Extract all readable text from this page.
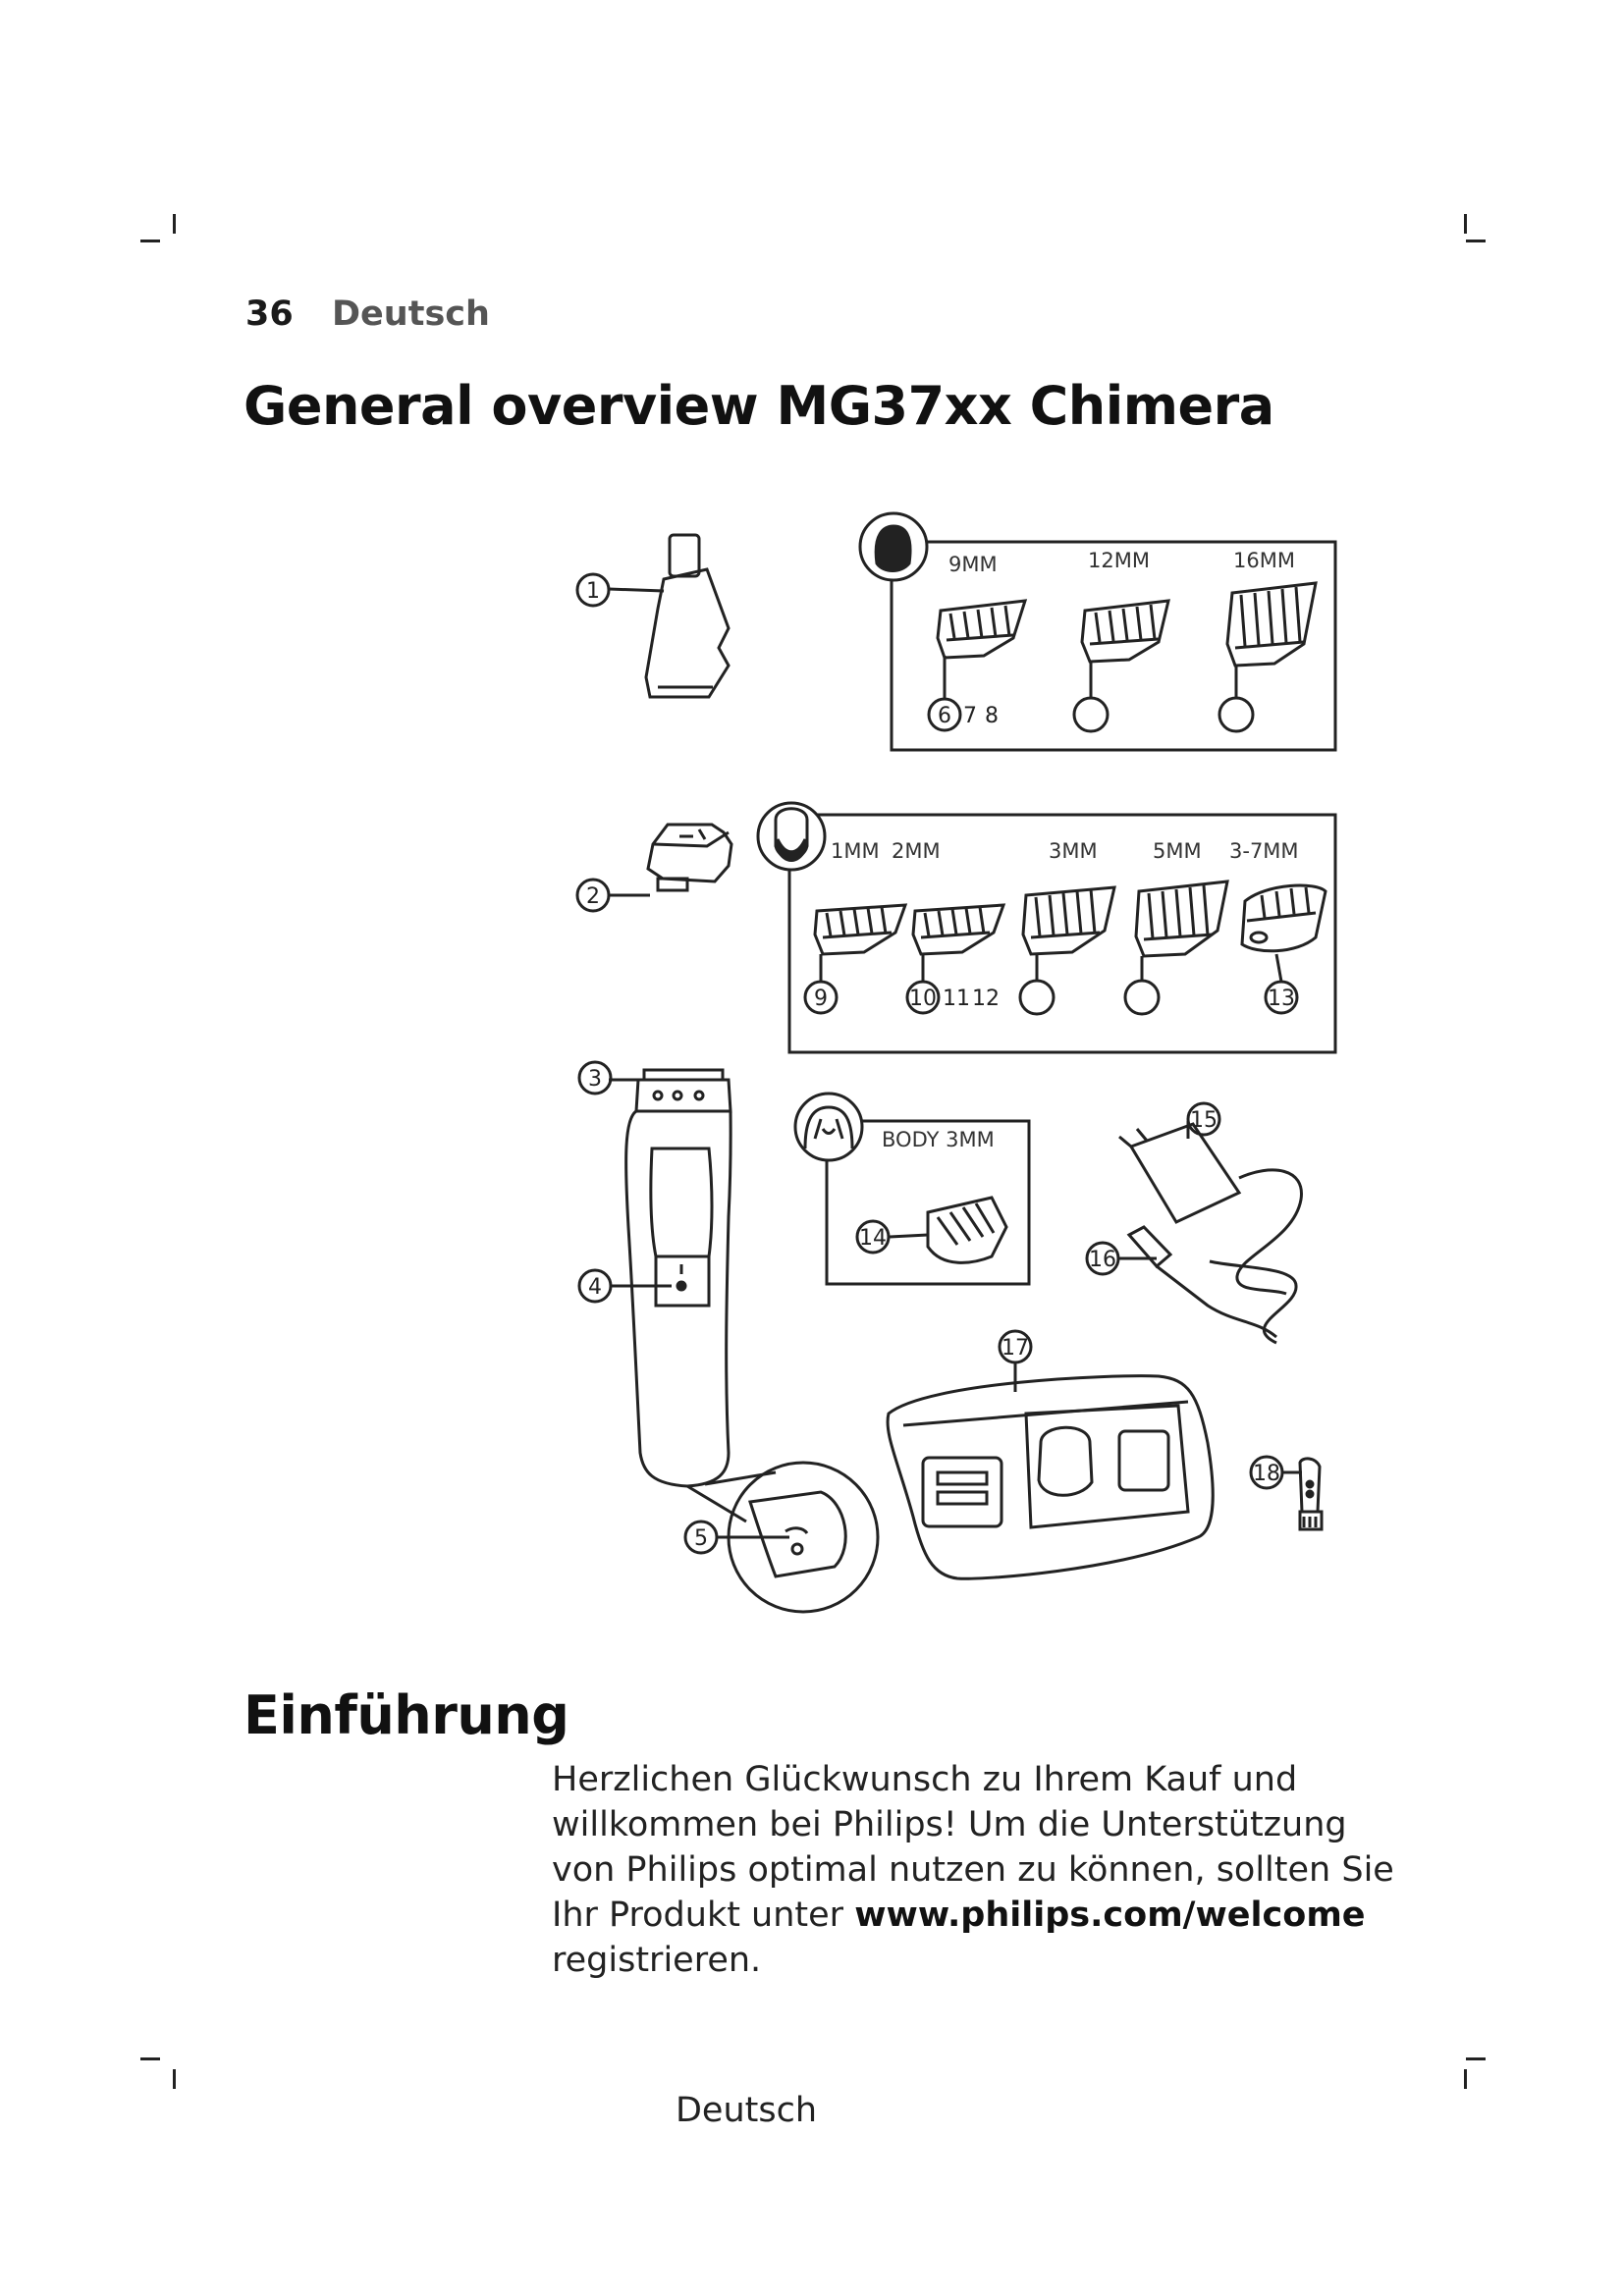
36 Deutsch
General overview MG37xx Chimera
1
2
3
4
5
15
16
17
18
6 7 8
9	10 11 12	13
14
9MM	12MM	16MM
1MM 2MM	3MM	5MM 3-7MM
BODY 3MM
Einführung
Herzlichen Glückwunsch zu Ihrem Kauf und willkommen bei Philips! Um die Unterstützung von Philips optimal nutzen zu können, sollten Sie Ihr Produkt unter www.philips.com/welcome registrieren.
Deutsch
